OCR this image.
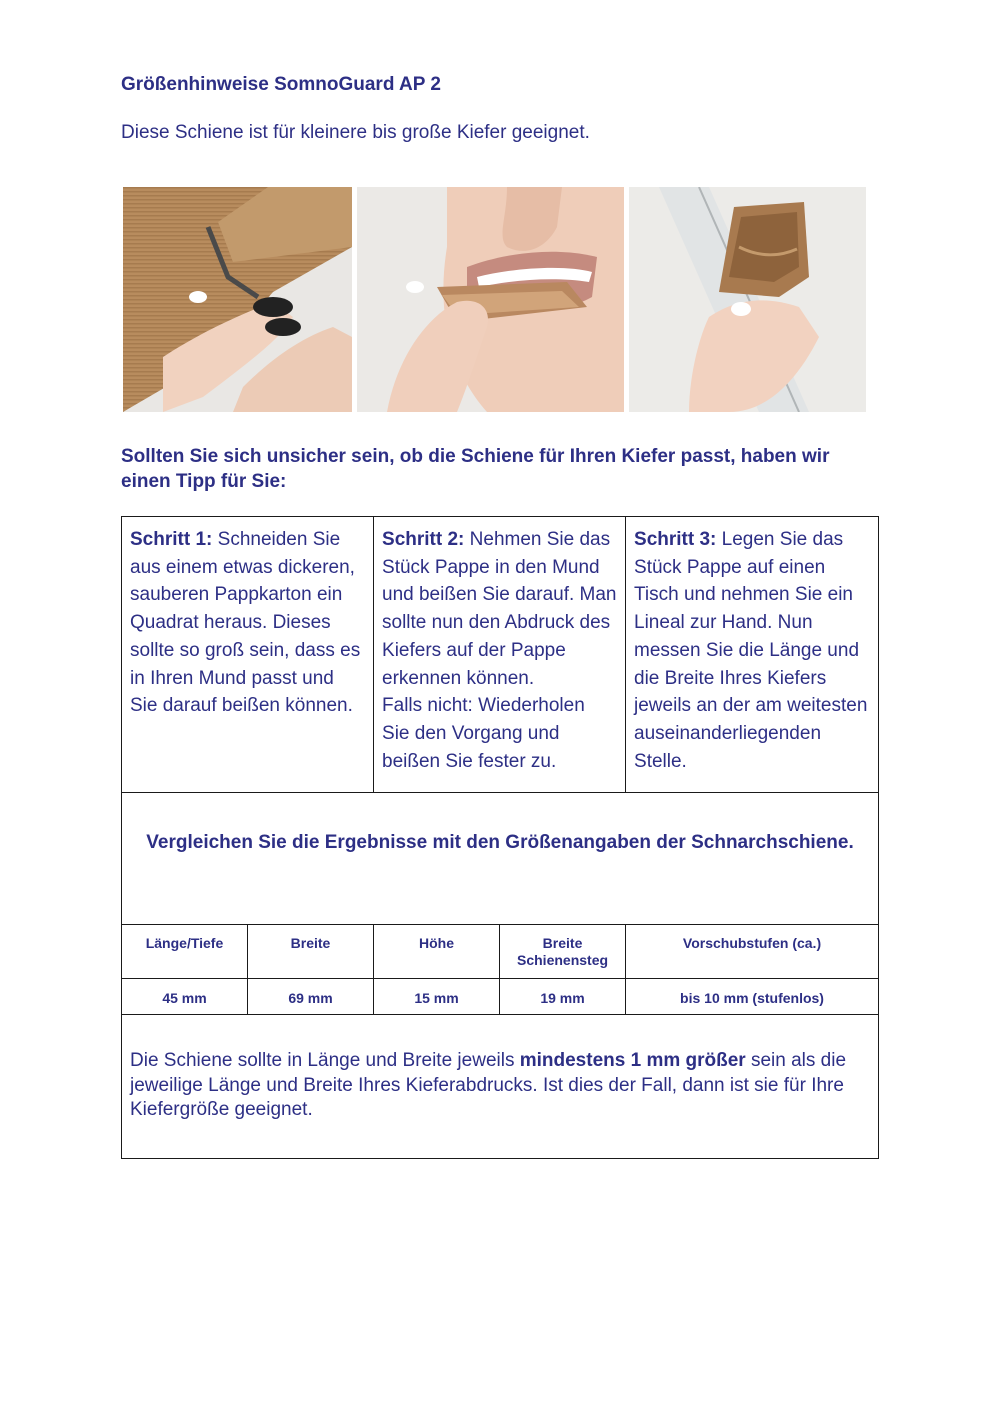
Größenhinweise SomnoGuard AP 2

Diese Schiene ist für kleinere bis große Kiefer geeignet.

Sollten Sie sich unsicher sein, ob die Schiene für Ihren Kiefer passt, haben wir einen Tipp für Sie:

Schritt 1: Schneiden Sie aus einem etwas dickeren, sauberen Pappkarton ein Quadrat heraus. Dieses sollte so groß sein, dass es in Ihren Mund passt und Sie darauf beißen können.		Schritt 2: Nehmen Sie das Stück Pappe in den Mund und beißen Sie darauf. Man sollte nun den Abdruck des Kiefers auf der Pappe erkennen können.
Falls nicht: Wiederholen Sie den Vorgang und beißen Sie fester zu.		Schritt 3: Legen Sie das Stück Pappe auf einen Tisch und nehmen Sie ein Lineal zur Hand. Nun messen Sie die Länge und die Breite Ihres Kiefers jeweils an der am weitesten auseinanderliegenden Stelle.
Vergleichen Sie die Ergebnisse mit den Größenangaben der Schnarchschiene.				
Länge/Tiefe	Breite	Höhe	Breite Schienensteg	Vorschubstufen (ca.)
45 mm	69 mm	15 mm	19 mm	bis 10 mm (stufenlos)
Die Schiene sollte in Länge und Breite jeweils mindestens 1 mm größer sein als die jeweilige Länge und Breite Ihres Kieferabdrucks. Ist dies der Fall, dann ist sie für Ihre Kiefergröße geeignet.				
